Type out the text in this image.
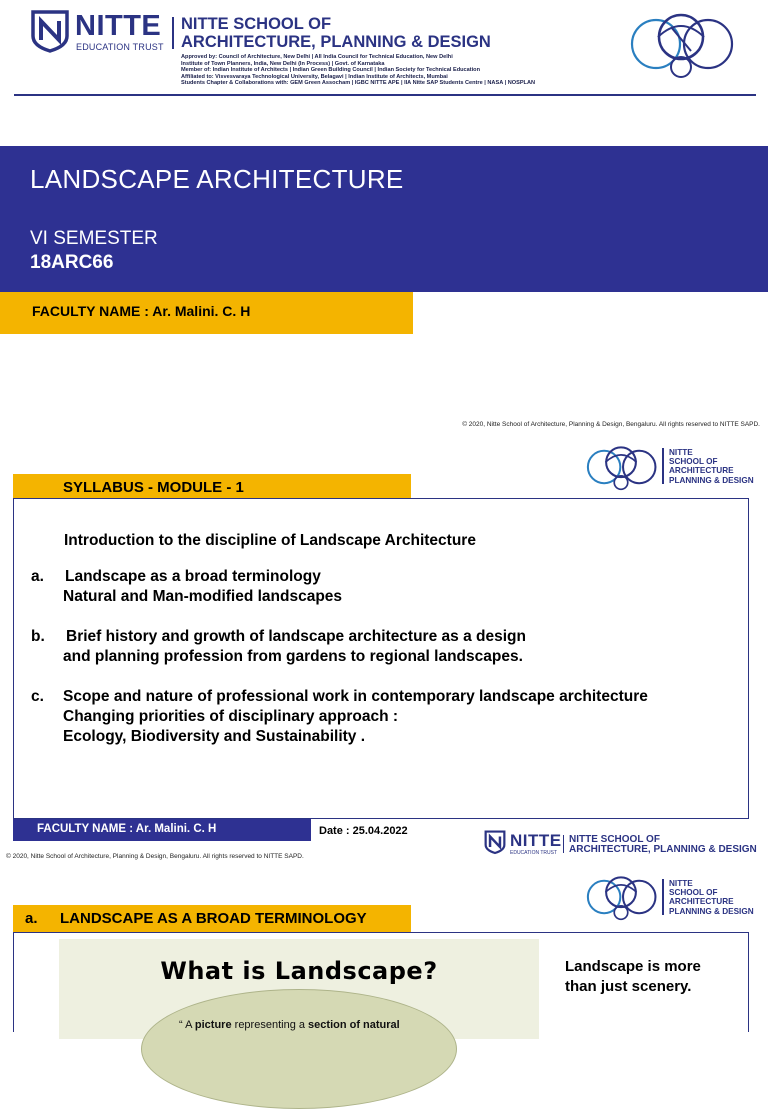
NITTE
EDUCATION TRUST
NITTE SCHOOL OF
ARCHITECTURE, PLANNING & DESIGN
Approved by: Council of Architecture, New Delhi | All India Council for Technical Education, New Delhi
Institute of Town Planners, India, New Delhi (In Process) | Govt. of Karnataka
Member of: Indian Institute of Architects | Indian Green Building Council | Indian Society for Technical Education
Affiliated to: Visvesvaraya Technological University, Belagavi | Indian Institute of Architects, Mumbai
Students Chapter & Collaborations with: GEM Green Assocham | IGBC NITTE APE | IIA Nitte SAP Students Centre | NASA | NOSPLAN
LANDSCAPE ARCHITECTURE
VI SEMESTER
18ARC66
FACULTY NAME : Ar. Malini. C. H
© 2020, Nitte School of Architecture, Planning & Design, Bengaluru. All rights reserved to NITTE SAPD.
NITTE
SCHOOL OF
ARCHITECTURE
PLANNING & DESIGN
SYLLABUS - MODULE - 1
Introduction to the discipline of Landscape Architecture
a. Landscape as a broad terminology
Natural and Man-modified landscapes
b. Brief history and growth of landscape architecture as a design
and planning profession from gardens to regional landscapes.
c. Scope and nature of professional work in contemporary landscape architecture
Changing priorities of disciplinary approach :
Ecology, Biodiversity and Sustainability .
FACULTY NAME : Ar. Malini. C. H	Date : 25.04.2022
© 2020, Nitte School of Architecture, Planning & Design, Bengaluru. All rights reserved to NITTE SAPD.
NITTE
EDUCATION TRUST
NITTE SCHOOL OF
ARCHITECTURE, PLANNING & DESIGN
NITTE
SCHOOL OF
ARCHITECTURE
PLANNING & DESIGN
a. LANDSCAPE AS A BROAD TERMINOLOGY
What is Landscape?
“ A picture representing a section of natural
Landscape is more
than just scenery.
